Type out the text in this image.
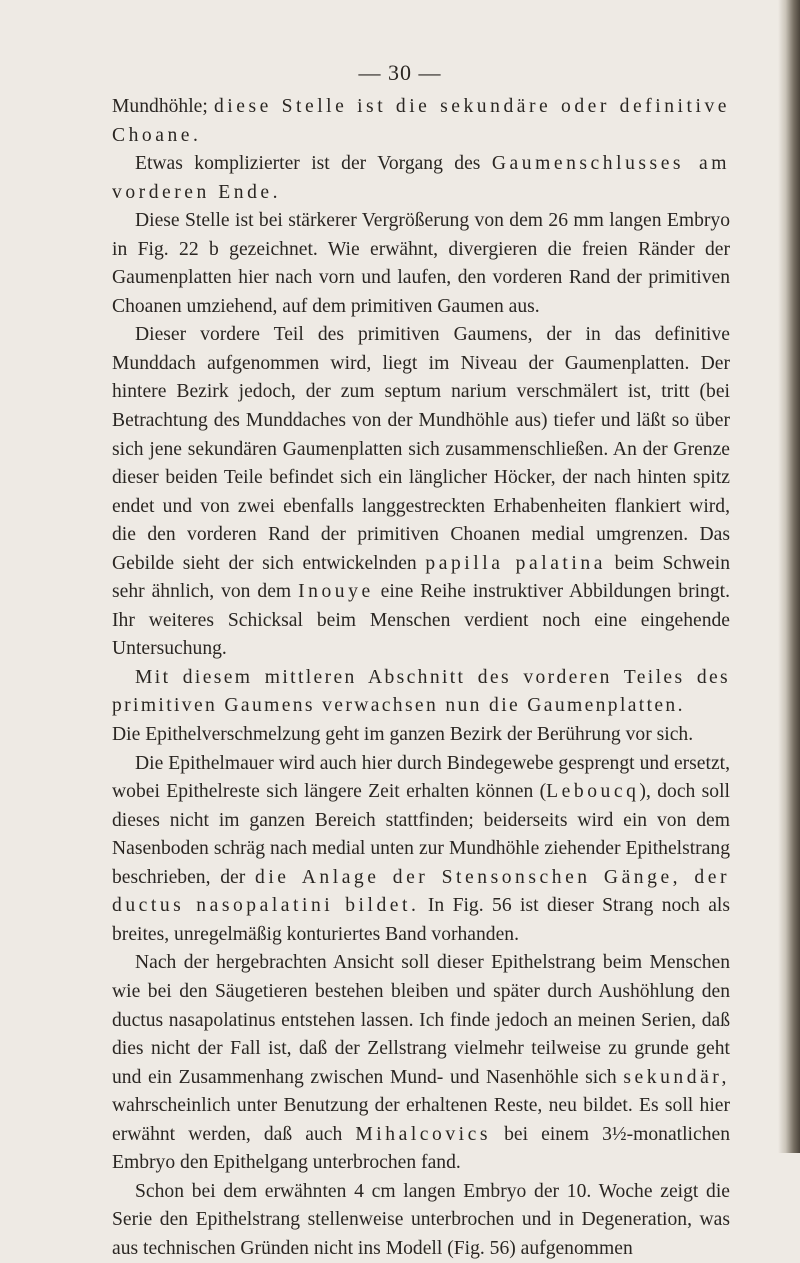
— 30 —

Mundhöhle; diese Stelle ist die sekundäre oder definitive Choane.

Etwas komplizierter ist der Vorgang des Gaumenschlusses am vorderen Ende.

Diese Stelle ist bei stärkerer Vergrößerung von dem 26 mm langen Embryo in Fig. 22 b gezeichnet. Wie erwähnt, divergieren die freien Ränder der Gaumenplatten hier nach vorn und laufen, den vorderen Rand der primitiven Choanen umziehend, auf dem primitiven Gaumen aus.

Dieser vordere Teil des primitiven Gaumens, der in das definitive Munddach aufgenommen wird, liegt im Niveau der Gaumenplatten. Der hintere Bezirk jedoch, der zum septum narium verschmälert ist, tritt (bei Betrachtung des Munddaches von der Mundhöhle aus) tiefer und läßt so über sich jene sekundären Gaumenplatten sich zusammenschließen. An der Grenze dieser beiden Teile befindet sich ein länglicher Höcker, der nach hinten spitz endet und von zwei ebenfalls langgestreckten Erhabenheiten flankiert wird, die den vorderen Rand der primitiven Choanen medial umgrenzen. Das Gebilde sieht der sich entwickelnden papilla palatina beim Schwein sehr ähnlich, von dem Inouye eine Reihe instruktiver Abbildungen bringt. Ihr weiteres Schicksal beim Menschen verdient noch eine eingehende Untersuchung.

Mit diesem mittleren Abschnitt des vorderen Teiles des primitiven Gaumens verwachsen nun die Gaumenplatten.

Die Epithelverschmelzung geht im ganzen Bezirk der Berührung vor sich.

Die Epithelmauer wird auch hier durch Bindegewebe gesprengt und ersetzt, wobei Epithelreste sich längere Zeit erhalten können (Leboucq), doch soll dieses nicht im ganzen Bereich stattfinden; beiderseits wird ein von dem Nasenboden schräg nach medial unten zur Mundhöhle ziehender Epithelstrang beschrieben, der die Anlage der Stensonschen Gänge, der ductus nasopalatini bildet. In Fig. 56 ist dieser Strang noch als breites, unregelmäßig konturiertes Band vorhanden.

Nach der hergebrachten Ansicht soll dieser Epithelstrang beim Menschen wie bei den Säugetieren bestehen bleiben und später durch Aushöhlung den ductus nasapolatinus entstehen lassen. Ich finde jedoch an meinen Serien, daß dies nicht der Fall ist, daß der Zellstrang vielmehr teilweise zu grunde geht und ein Zusammenhang zwischen Mund- und Nasenhöhle sich sekundär, wahrscheinlich unter Benutzung der erhaltenen Reste, neu bildet. Es soll hier erwähnt werden, daß auch Mihalcovics bei einem 3½-monatlichen Embryo den Epithelgang unterbrochen fand.

Schon bei dem erwähnten 4 cm langen Embryo der 10. Woche zeigt die Serie den Epithelstrang stellenweise unterbrochen und in Degeneration, was aus technischen Gründen nicht ins Modell (Fig. 56) aufgenommen
